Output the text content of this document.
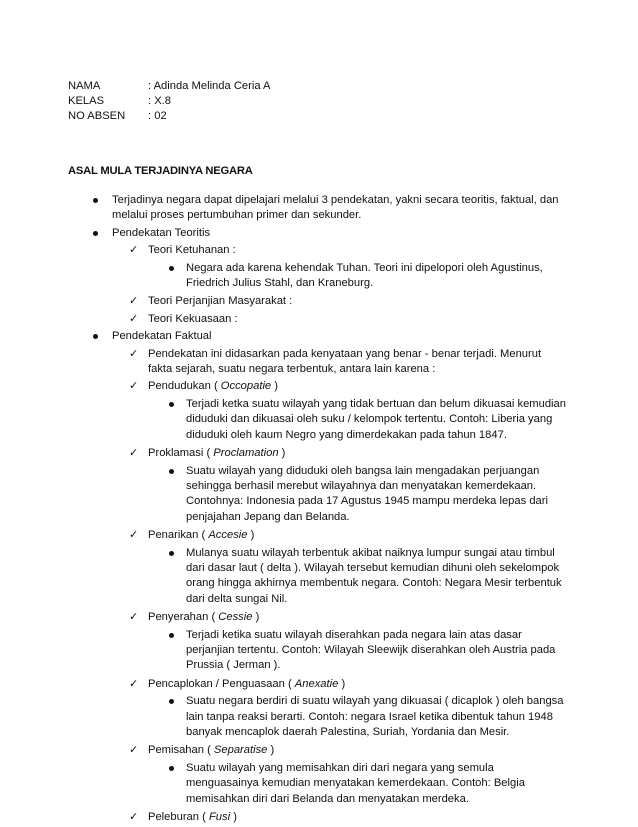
NAMA	: Adinda Melinda Ceria A
KELAS	: X.8
NO ABSEN	: 02
ASAL MULA TERJADINYA NEGARA
Terjadinya negara dapat dipelajari melalui 3 pendekatan, yakni secara teoritis, faktual, dan melalui proses pertumbuhan primer dan sekunder.
Pendekatan Teoritis
✓ Teori Ketuhanan :
Negara ada karena kehendak Tuhan. Teori ini dipelopori oleh Agustinus, Friedrich Julius Stahl, dan Kraneburg.
✓ Teori Perjanjian Masyarakat :
✓ Teori Kekuasaan :
Pendekatan Faktual
✓ Pendekatan ini didasarkan pada kenyataan yang benar - benar terjadi. Menurut fakta sejarah, suatu negara terbentuk, antara lain karena :
✓ Pendudukan ( Occopatie )
Terjadi ketka suatu wilayah yang tidak bertuan dan belum dikuasai kemudian diduduki dan dikuasai oleh suku / kelompok tertentu. Contoh: Liberia yang diduduki oleh kaum Negro yang dimerdekakan pada tahun 1847.
✓ Proklamasi ( Proclamation )
Suatu wilayah yang diduduki oleh bangsa lain mengadakan perjuangan sehingga berhasil merebut wilayahnya dan menyatakan kemerdekaan. Contohnya: Indonesia pada 17 Agustus 1945 mampu merdeka lepas dari penjajahan Jepang dan Belanda.
✓ Penarikan ( Accesie )
Mulanya suatu wilayah terbentuk akibat naiknya lumpur sungai atau timbul dari dasar laut ( delta ). Wilayah tersebut kemudian dihuni oleh sekelompok orang hingga akhirnya membentuk negara. Contoh: Negara Mesir terbentuk dari delta sungai Nil.
✓ Penyerahan ( Cessie )
Terjadi ketika suatu wilayah diserahkan pada negara lain atas dasar perjanjian tertentu. Contoh: Wilayah Sleewijk diserahkan oleh Austria pada Prussia ( Jerman ).
✓ Pencaplokan / Penguasaan ( Anexatie )
Suatu negara berdiri di suatu wilayah yang dikuasai ( dicaplok ) oleh bangsa lain tanpa reaksi berarti. Contoh: negara Israel ketika dibentuk tahun 1948 banyak mencaplok daerah Palestina, Suriah, Yordania dan Mesir.
✓ Pemisahan ( Separatise )
Suatu wilayah yang memisahkan diri dari negara yang semula menguasainya kemudian menyatakan kemerdekaan. Contoh: Belgia memisahkan diri dari Belanda dan menyatakan merdeka.
✓ Peleburan ( Fusi )
